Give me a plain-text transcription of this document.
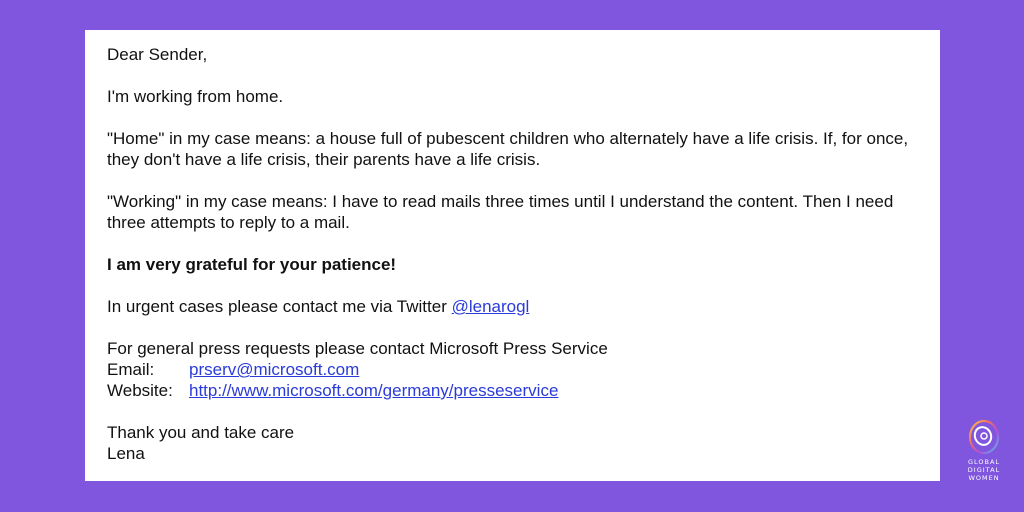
Dear Sender,

I'm working from home.

"Home" in my case means: a house full of pubescent children who alternately have a life crisis. If, for once, they don't have a life crisis, their parents have a life crisis.

"Working" in my case means: I have to read mails three times until I understand the content. Then I need three attempts to reply to a mail.

I am very grateful for your patience!

In urgent cases please contact me via Twitter @lenarogl

For general press requests please contact Microsoft Press Service

Email: prserv@microsoft.com

Website: http://www.microsoft.com/germany/presseservice

Thank you and take care

Lena	GLOBAL
DIGITAL
WOMEN
